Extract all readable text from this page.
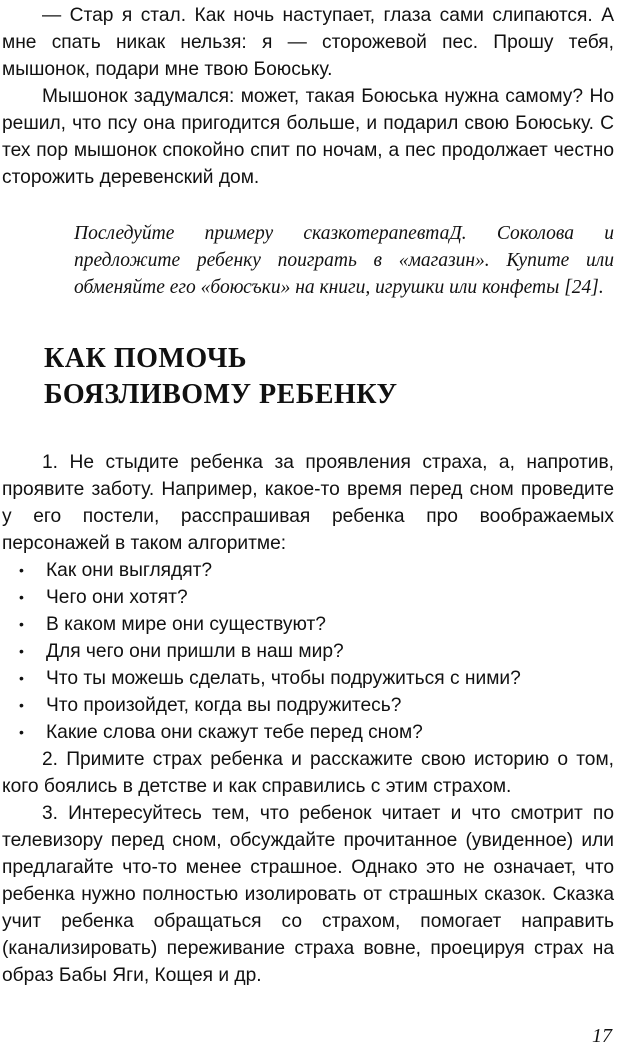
— Стар я стал. Как ночь наступает, глаза сами слипаются. А мне спать никак нельзя: я — сторожевой пес. Прошу тебя, мышонок, подари мне твою Боюську.

Мышонок задумался: может, такая Боюська нужна самому? Но решил, что псу она пригодится больше, и подарил свою Боюську. С тех пор мышонок спокойно спит по ночам, а пес продолжает честно сторожить деревенский дом.

Последуйте примеру сказкотерапевтаД. Соколова и предложите ребенку поиграть в «магазин». Купите или обменяйте его «боюсъки» на книги, игрушки или конфеты [24].

КАК ПОМОЧЬ
БОЯЗЛИВОМУ РЕБЕНКУ

1. Не стыдите ребенка за проявления страха, а, напротив, проявите заботу. Например, какое-то время перед сном проведите у его постели, расспрашивая ребенка про воображаемых персонажей в таком алгоритме:

• Как они выглядят?
• Чего они хотят?
• В каком мире они существуют?
• Для чего они пришли в наш мир?
• Что ты можешь сделать, чтобы подружиться с ними?
• Что произойдет, когда вы подружитесь?
• Какие слова они скажут тебе перед сном?

2. Примите страх ребенка и расскажите свою историю о том, кого боялись в детстве и как справились с этим страхом.

3. Интересуйтесь тем, что ребенок читает и что смотрит по телевизору перед сном, обсуждайте прочитанное (увиденное) или предлагайте что-то менее страшное. Однако это не означает, что ребенка нужно полностью изолировать от страшных сказок. Сказка учит ребенка обращаться со страхом, помогает направить (канализировать) переживание страха вовне, проецируя страх на образ Бабы Яги, Кощея и др.

17
